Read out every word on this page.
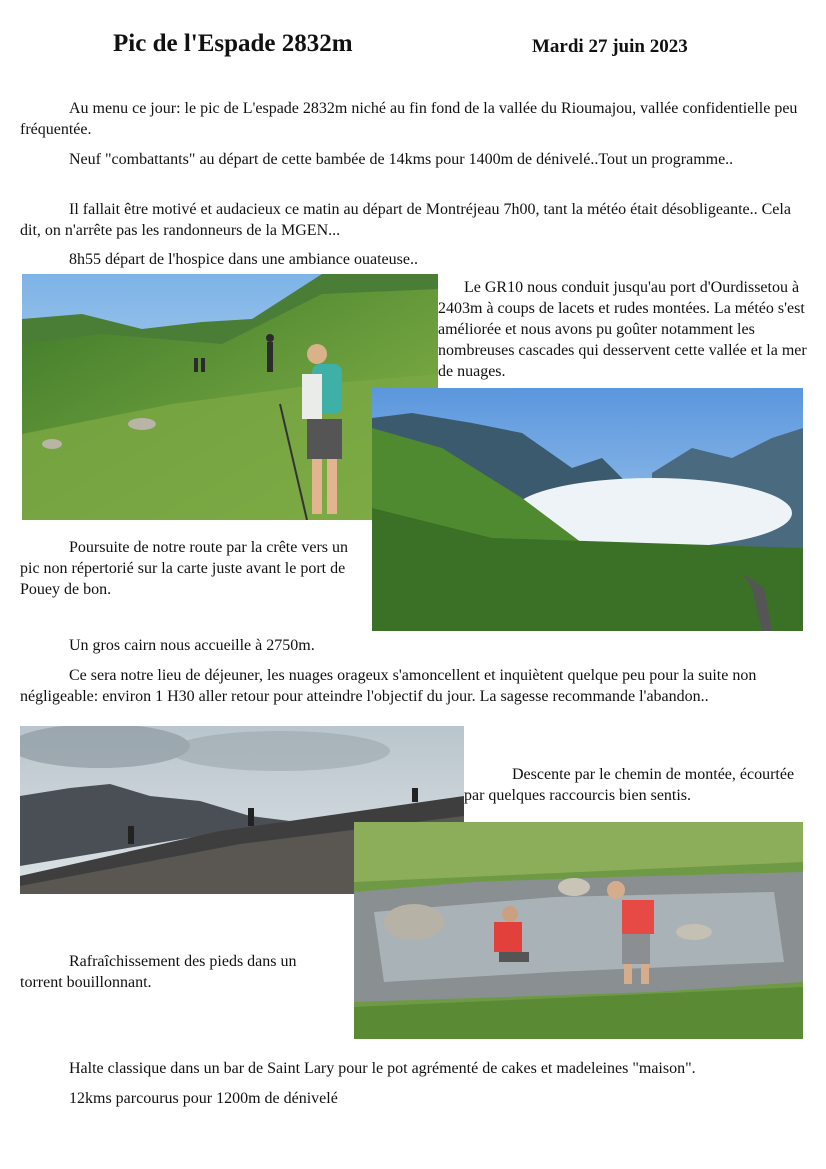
Pic de l'Espade 2832m	Mardi 27 juin 2023

Au menu ce jour: le pic de L'espade 2832m niché au fin fond de la vallée du Rioumajou, vallée confidentielle peu fréquentée.

Neuf "combattants" au départ de cette bambée de 14kms pour 1400m de dénivelé..Tout un programme..

Il fallait être motivé et audacieux ce matin au départ de Montréjeau 7h00, tant la météo était désobligeante.. Cela dit, on n'arrête pas les randonneurs de la MGEN...

8h55 départ de l'hospice dans une ambiance ouateuse..

Le GR10 nous conduit jusqu'au port d'Ourdissetou à 2403m à coups de lacets et rudes montées. La météo s'est améliorée et nous avons pu goûter notamment les nombreuses cascades qui desservent cette vallée et la mer de nuages.

Poursuite de notre route par la crête vers un pic non répertorié sur la carte juste avant le port de Pouey de bon.

Un gros cairn nous accueille à 2750m.

Ce sera notre lieu de déjeuner, les nuages orageux s'amoncellent et inquiètent quelque peu pour la suite non négligeable: environ 1 H30 aller retour pour atteindre l'objectif du jour. La sagesse recommande l'abandon..

Descente par le chemin de montée, écourtée par quelques raccourcis bien sentis.

Rafraîchissement des pieds dans un torrent bouillonnant.

Halte classique dans un bar de Saint Lary pour le pot agrémenté de cakes et madeleines "maison".

12kms parcourus pour 1200m de dénivelé
